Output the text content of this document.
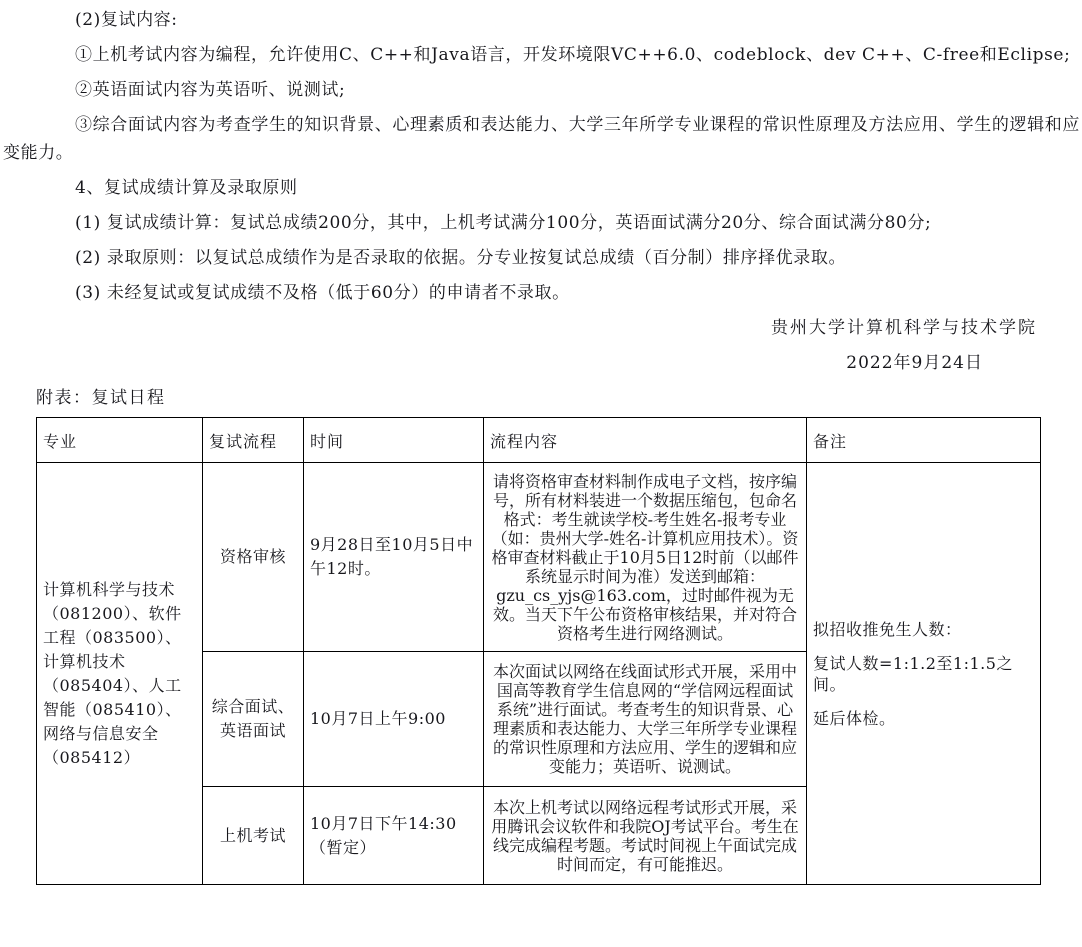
(2)复试内容:

①上机考试内容为编程，允许使用C、C++和Java语言，开发环境限VC++6.0、codeblock、dev C++、C-free和Eclipse;

②英语面试内容为英语听、说测试;

③综合面试内容为考查学生的知识背景、心理素质和表达能力、大学三年所学专业课程的常识性原理及方法应用、学生的逻辑和应变能力。

4、复试成绩计算及录取原则

(1) 复试成绩计算：复试总成绩200分，其中，上机考试满分100分，英语面试满分20分、综合面试满分80分;

(2) 录取原则：以复试总成绩作为是否录取的依据。分专业按复试总成绩（百分制）排序择优录取。

(3) 未经复试或复试成绩不及格（低于60分）的申请者不录取。

贵州大学计算机科学与技术学院

2022年9月24日

附表：复试日程

专业	复试流程	时间	流程内容	备注
计算机科学与技术（081200）、软件工程（083500）、计算机技术（085404）、人工智能（085410）、网络与信息安全（085412）	资格审核	9月28日至10月5日中午12时。	请将资格审查材料制作成电子文档，按序编号，所有材料装进一个数据压缩包，包命名格式：考生就读学校-考生姓名-报考专业（如：贵州大学-姓名-计算机应用技术）。资格审查材料截止于10月5日12时前（以邮件系统显示时间为准）发送到邮箱：gzu_cs_yjs@163.com，过时邮件视为无效。当天下午公布资格审核结果，并对符合资格考生进行网络测试。	拟招收推免生人数：

复试人数=1:1.2至1:1.5之间。

延后体检。

	综合面试、英语面试	10月7日上午9:00	本次面试以网络在线面试形式开展，采用中国高等教育学生信息网的“学信网远程面试系统”进行面试。考查考生的知识背景、心理素质和表达能力、大学三年所学专业课程的常识性原理和方法应用、学生的逻辑和应变能力；英语听、说测试。	
	上机考试	10月7日下午14:30（暂定）	本次上机考试以网络远程考试形式开展，采用腾讯会议软件和我院OJ考试平台。考生在线完成编程考题。考试时间视上午面试完成时间而定，有可能推迟。	
